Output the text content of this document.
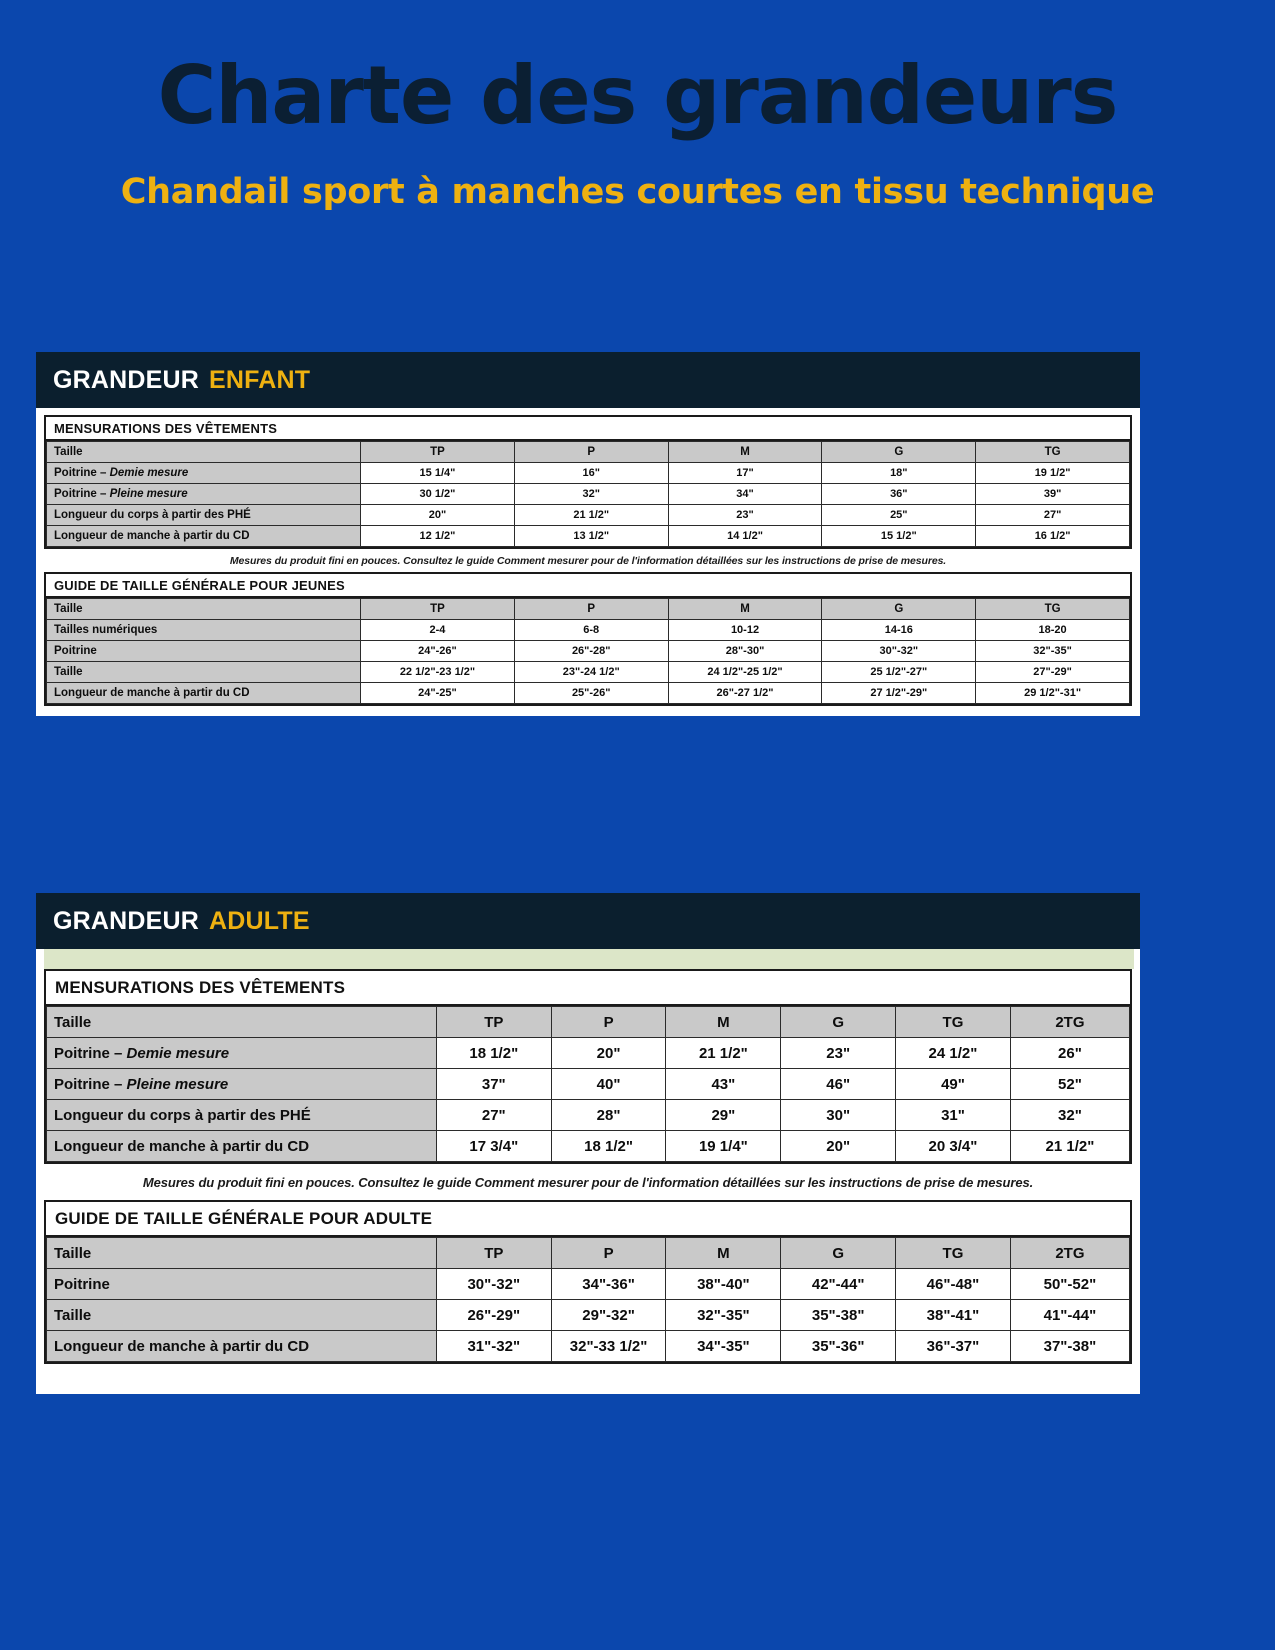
Charte des grandeurs
Chandail sport à manches courtes en tissu technique
GRANDEUR ENFANT
MENSURATIONS DES VÊTEMENTS
Taille	TP	P	M	G	TG
Poitrine – Demie mesure	15 1/4"	16"	17"	18"	19 1/2"
Poitrine – Pleine mesure	30 1/2"	32"	34"	36"	39"
Longueur du corps à partir des PHÉ	20"	21 1/2"	23"	25"	27"
Longueur de manche à partir du CD	12 1/2"	13 1/2"	14 1/2"	15 1/2"	16 1/2"
Mesures du produit fini en pouces. Consultez le guide Comment mesurer pour de l'information détaillées sur les instructions de prise de mesures.
GUIDE DE TAILLE GÉNÉRALE POUR JEUNES
Taille	TP	P	M	G	TG
Tailles numériques	2-4	6-8	10-12	14-16	18-20
Poitrine	24"-26"	26"-28"	28"-30"	30"-32"	32"-35"
Taille	22 1/2"-23 1/2"	23"-24 1/2"	24 1/2"-25 1/2"	25 1/2"-27"	27"-29"
Longueur de manche à partir du CD	24"-25"	25"-26"	26"-27 1/2"	27 1/2"-29"	29 1/2"-31"
GRANDEUR ADULTE
MENSURATIONS DES VÊTEMENTS
Taille	TP	P	M	G	TG	2TG
Poitrine – Demie mesure	18 1/2"	20"	21 1/2"	23"	24 1/2"	26"
Poitrine – Pleine mesure	37"	40"	43"	46"	49"	52"
Longueur du corps à partir des PHÉ	27"	28"	29"	30"	31"	32"
Longueur de manche à partir du CD	17 3/4"	18 1/2"	19 1/4"	20"	20 3/4"	21 1/2"
Mesures du produit fini en pouces. Consultez le guide Comment mesurer pour de l'information détaillées sur les instructions de prise de mesures.
GUIDE DE TAILLE GÉNÉRALE POUR ADULTE
Taille	TP	P	M	G	TG	2TG
Poitrine	30"-32"	34"-36"	38"-40"	42"-44"	46"-48"	50"-52"
Taille	26"-29"	29"-32"	32"-35"	35"-38"	38"-41"	41"-44"
Longueur de manche à partir du CD	31"-32"	32"-33 1/2"	34"-35"	35"-36"	36"-37"	37"-38"
